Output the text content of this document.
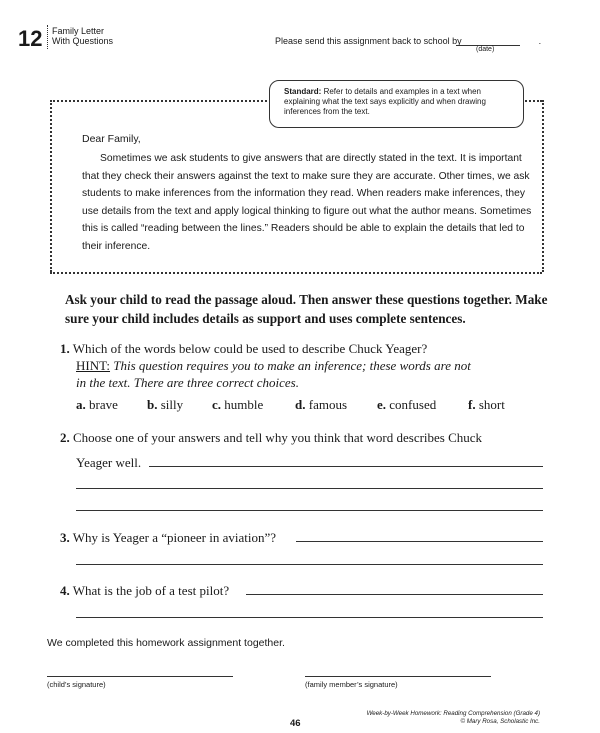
12 Family Letter
With Questions	Please send this assignment back to school by	.
(date)
Standard: Refer to details and examples in a text when explaining what the text says explicitly and when drawing inferences from the text.
Dear Family,
Sometimes we ask students to give answers that are directly stated in the text. It is important that they check their answers against the text to make sure they are accurate. Other times, we ask students to make inferences from the information they read. When readers make inferences, they use details from the text and apply logical thinking to figure out what the author means. Sometimes this is called “reading between the lines.” Readers should be able to explain the details that led to their inference.
Ask your child to read the passage aloud. Then answer these questions together. Make sure your child includes details as support and uses complete sentences.
1. Which of the words below could be used to describe Chuck Yeager?
HINT: This question requires you to make an inference; these words are not in the text. There are three correct choices.
a. brave b. silly c. humble d. famous e. confused f. short
2. Choose one of your answers and tell why you think that word describes Chuck
Yeager well.
3. Why is Yeager a “pioneer in aviation”?
4. What is the job of a test pilot?
We completed this homework assignment together.
(child’s signature)	(family member’s signature)
46
Week-by-Week Homework: Reading Comprehension (Grade 4)
© Mary Rosa, Scholastic Inc.
